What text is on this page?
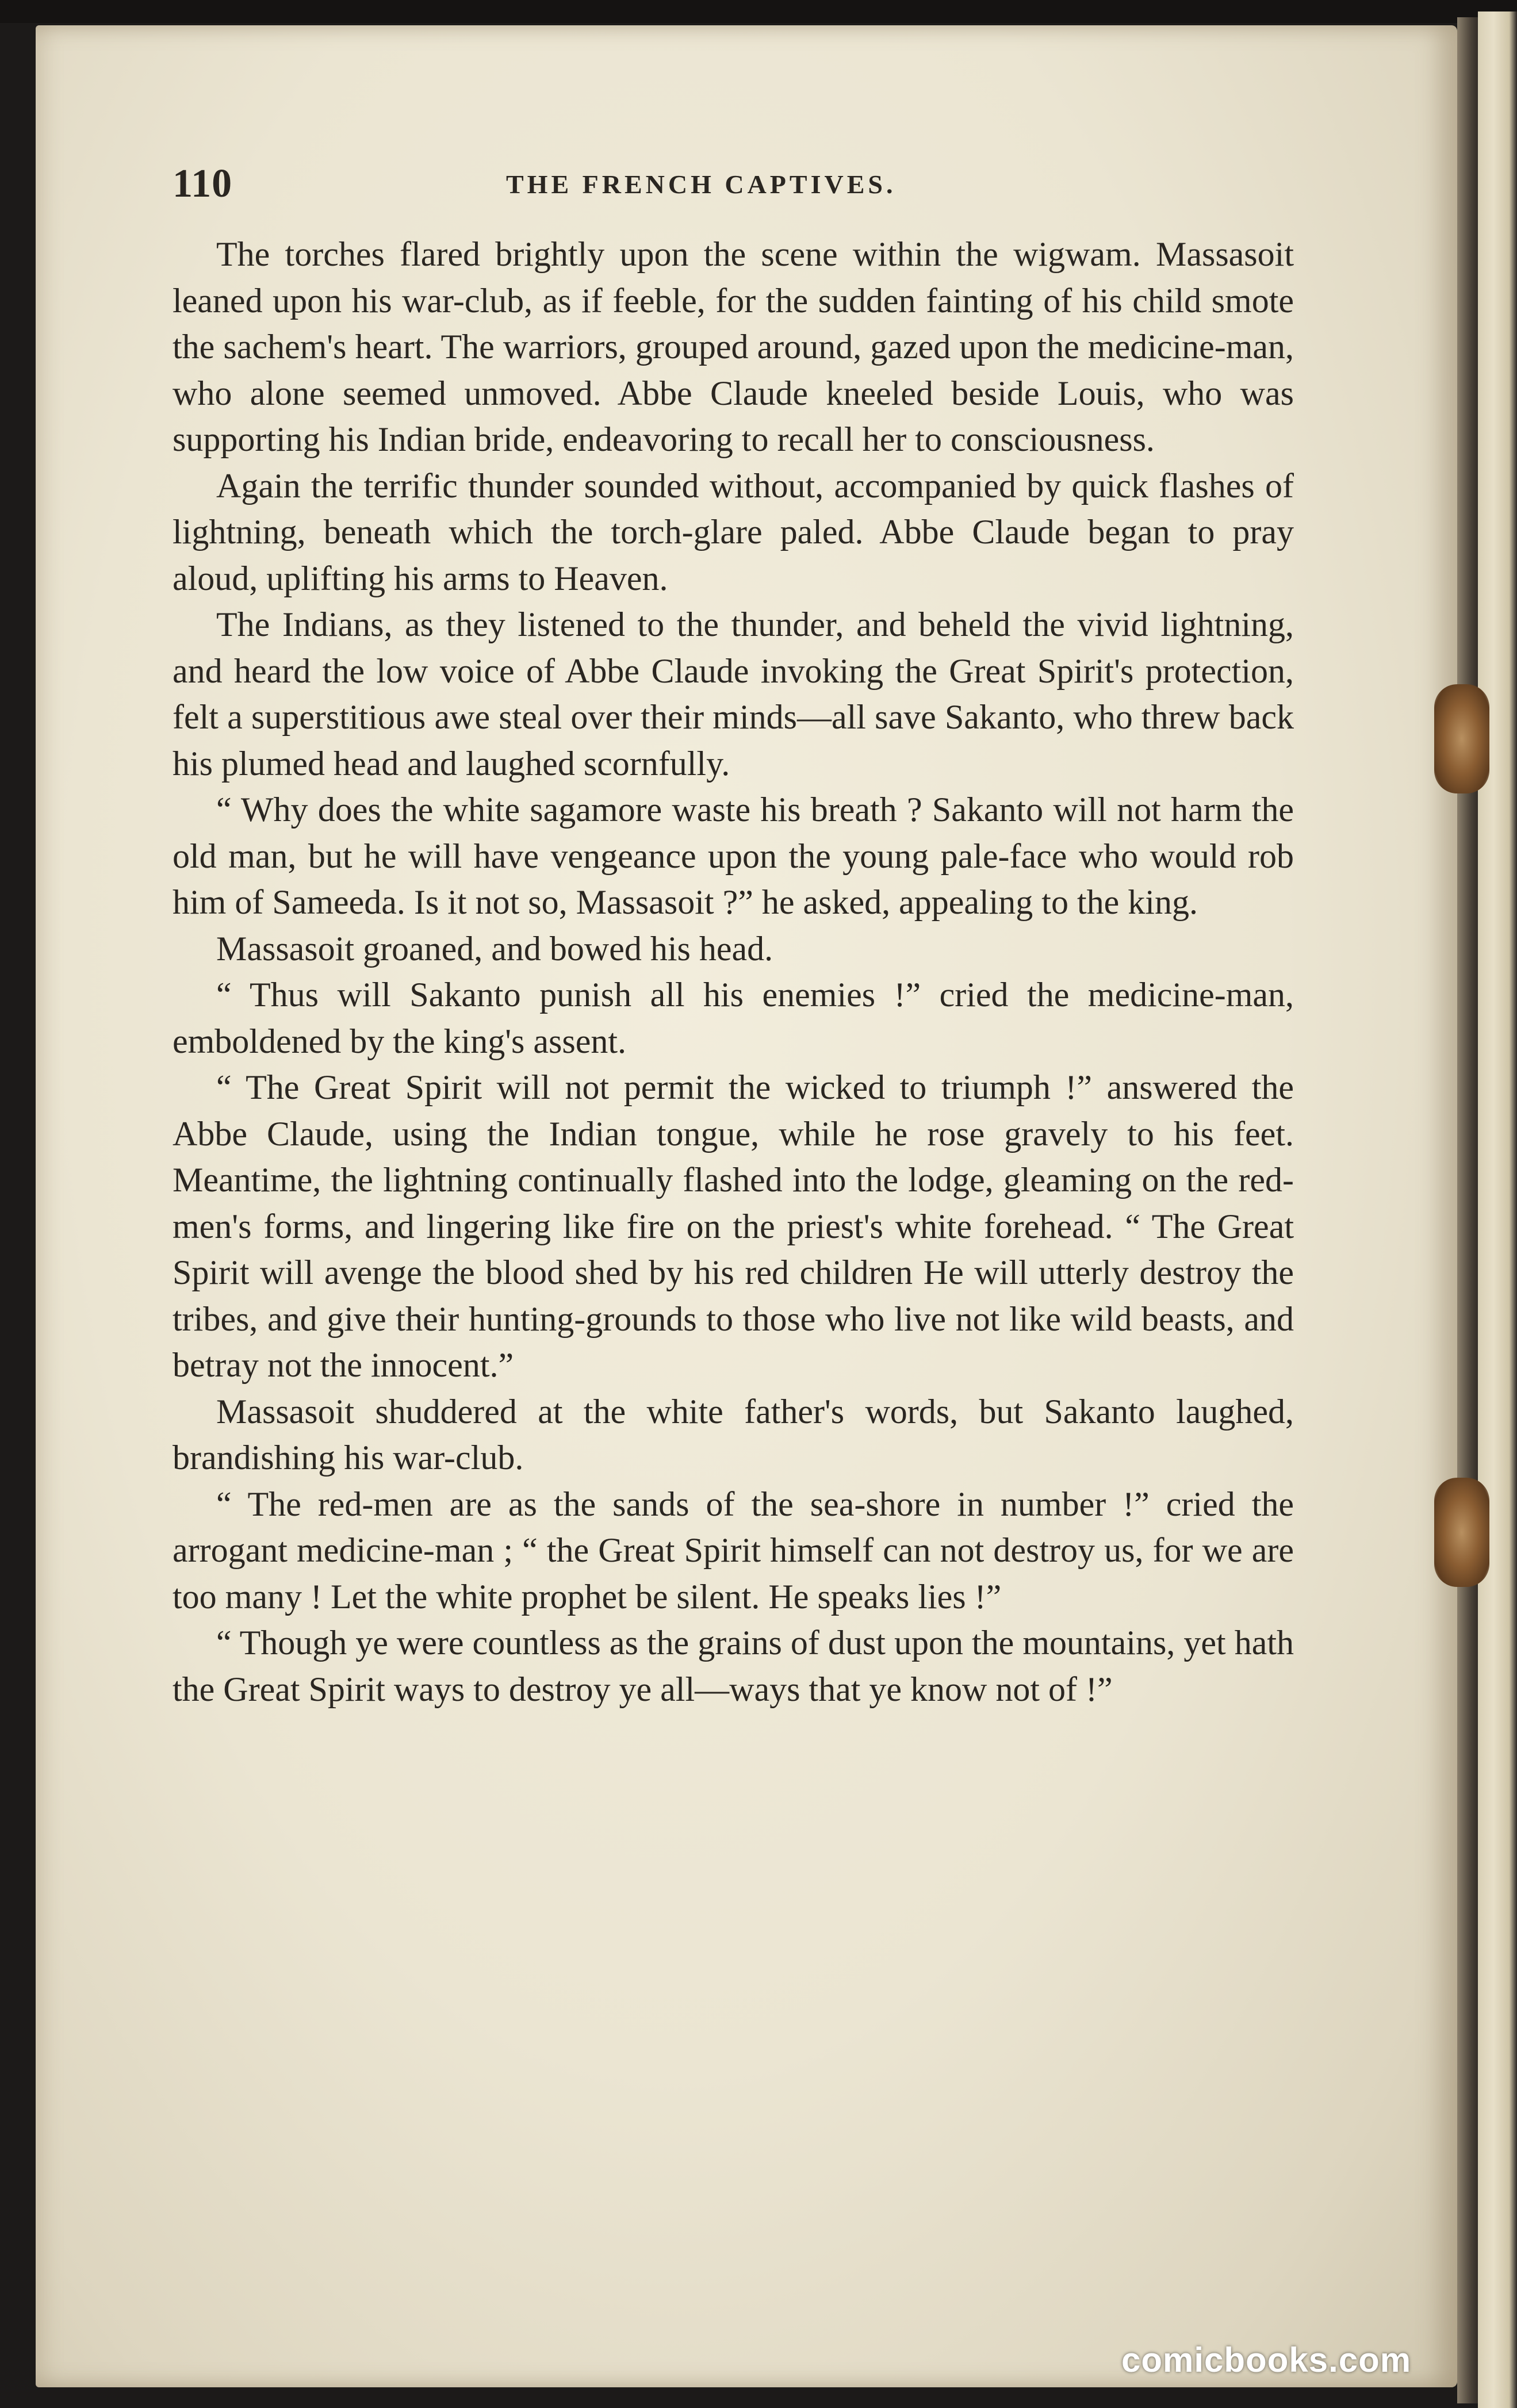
110	THE FRENCH CAPTIVES.

The torches flared brightly upon the scene within the wigwam. Massasoit leaned upon his war-club, as if feeble, for the sudden fainting of his child smote the sachem's heart. The warriors, grouped around, gazed upon the medicine-man, who alone seemed unmoved. Abbe Claude kneeled beside Louis, who was supporting his Indian bride, endeavoring to recall her to consciousness.

Again the terrific thunder sounded without, accompanied by quick flashes of lightning, beneath which the torch-glare paled. Abbe Claude began to pray aloud, uplifting his arms to Heaven.

The Indians, as they listened to the thunder, and beheld the vivid lightning, and heard the low voice of Abbe Claude invoking the Great Spirit's protection, felt a superstitious awe steal over their minds—all save Sakanto, who threw back his plumed head and laughed scornfully.

“ Why does the white sagamore waste his breath ? Sakanto will not harm the old man, but he will have vengeance upon the young pale-face who would rob him of Sameeda. Is it not so, Massasoit ?” he asked, appealing to the king.

Massasoit groaned, and bowed his head.

“ Thus will Sakanto punish all his enemies !” cried the medicine-man, emboldened by the king's assent.

“ The Great Spirit will not permit the wicked to triumph !” answered the Abbe Claude, using the Indian tongue, while he rose gravely to his feet. Meantime, the lightning continually flashed into the lodge, gleaming on the red-men's forms, and lingering like fire on the priest's white forehead. “ The Great Spirit will avenge the blood shed by his red children He will utterly destroy the tribes, and give their hunting-grounds to those who live not like wild beasts, and betray not the innocent.”

Massasoit shuddered at the white father's words, but Sakanto laughed, brandishing his war-club.

“ The red-men are as the sands of the sea-shore in number !” cried the arrogant medicine-man ; “ the Great Spirit himself can not destroy us, for we are too many ! Let the white prophet be silent. He speaks lies !”

“ Though ye were countless as the grains of dust upon the mountains, yet hath the Great Spirit ways to destroy ye all—ways that ye know not of !”

comicbooks.com
